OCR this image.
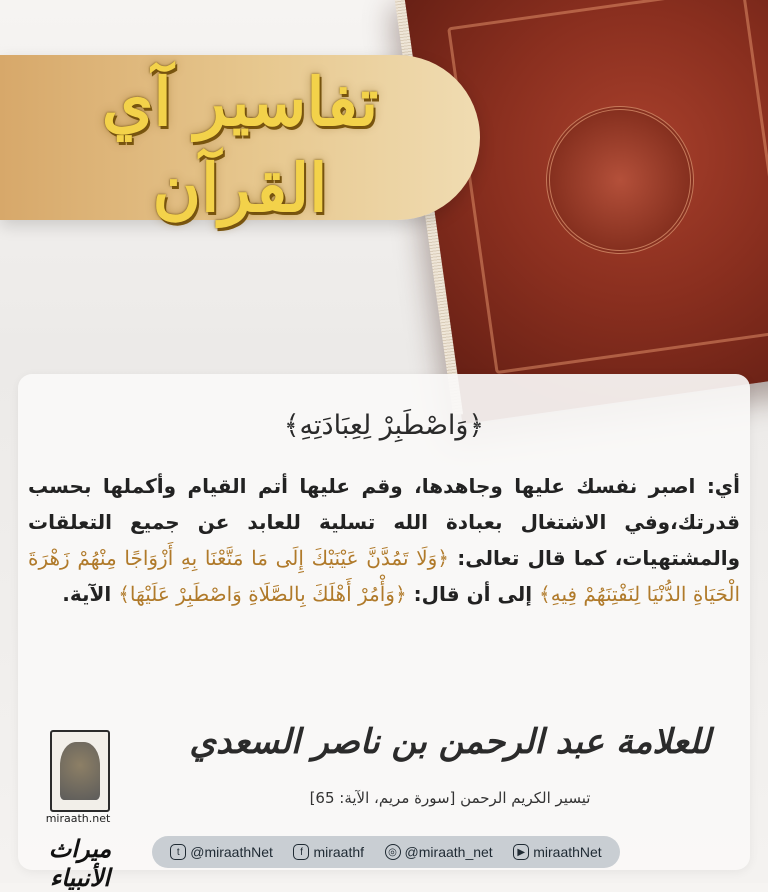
تفاسير آي القرآن
﴿وَاصْطَبِرْ لِعِبَادَتِهِ﴾
أي: اصبر نفسك عليها وجاهدها، وقم عليها أتم القيام وأكملها بحسب قدرتك،وفي الاشتغال بعبادة الله تسلية للعابد عن جميع التعلقات والمشتهيات، كما قال تعالى: ﴿وَلَا تَمُدَّنَّ عَيْنَيْكَ إِلَى مَا مَتَّعْنَا بِهِ أَزْوَاجًا مِنْهُمْ زَهْرَةَ الْحَيَاةِ الدُّنْيَا لِنَفْتِنَهُمْ فِيهِ﴾ إلى أن قال: ﴿وَأْمُرْ أَهْلَكَ بِالصَّلَاةِ وَاصْطَبِرْ عَلَيْهَا﴾ الآية.
للعلامة عبد الرحمن بن ناصر السعدي
تيسير الكريم الرحمن [سورة مريم، الآية: 65]
miraath.net
ميراث الأنبياء
t @miraathNet	f miraathf	◎ @miraath_net	▶ miraathNet
